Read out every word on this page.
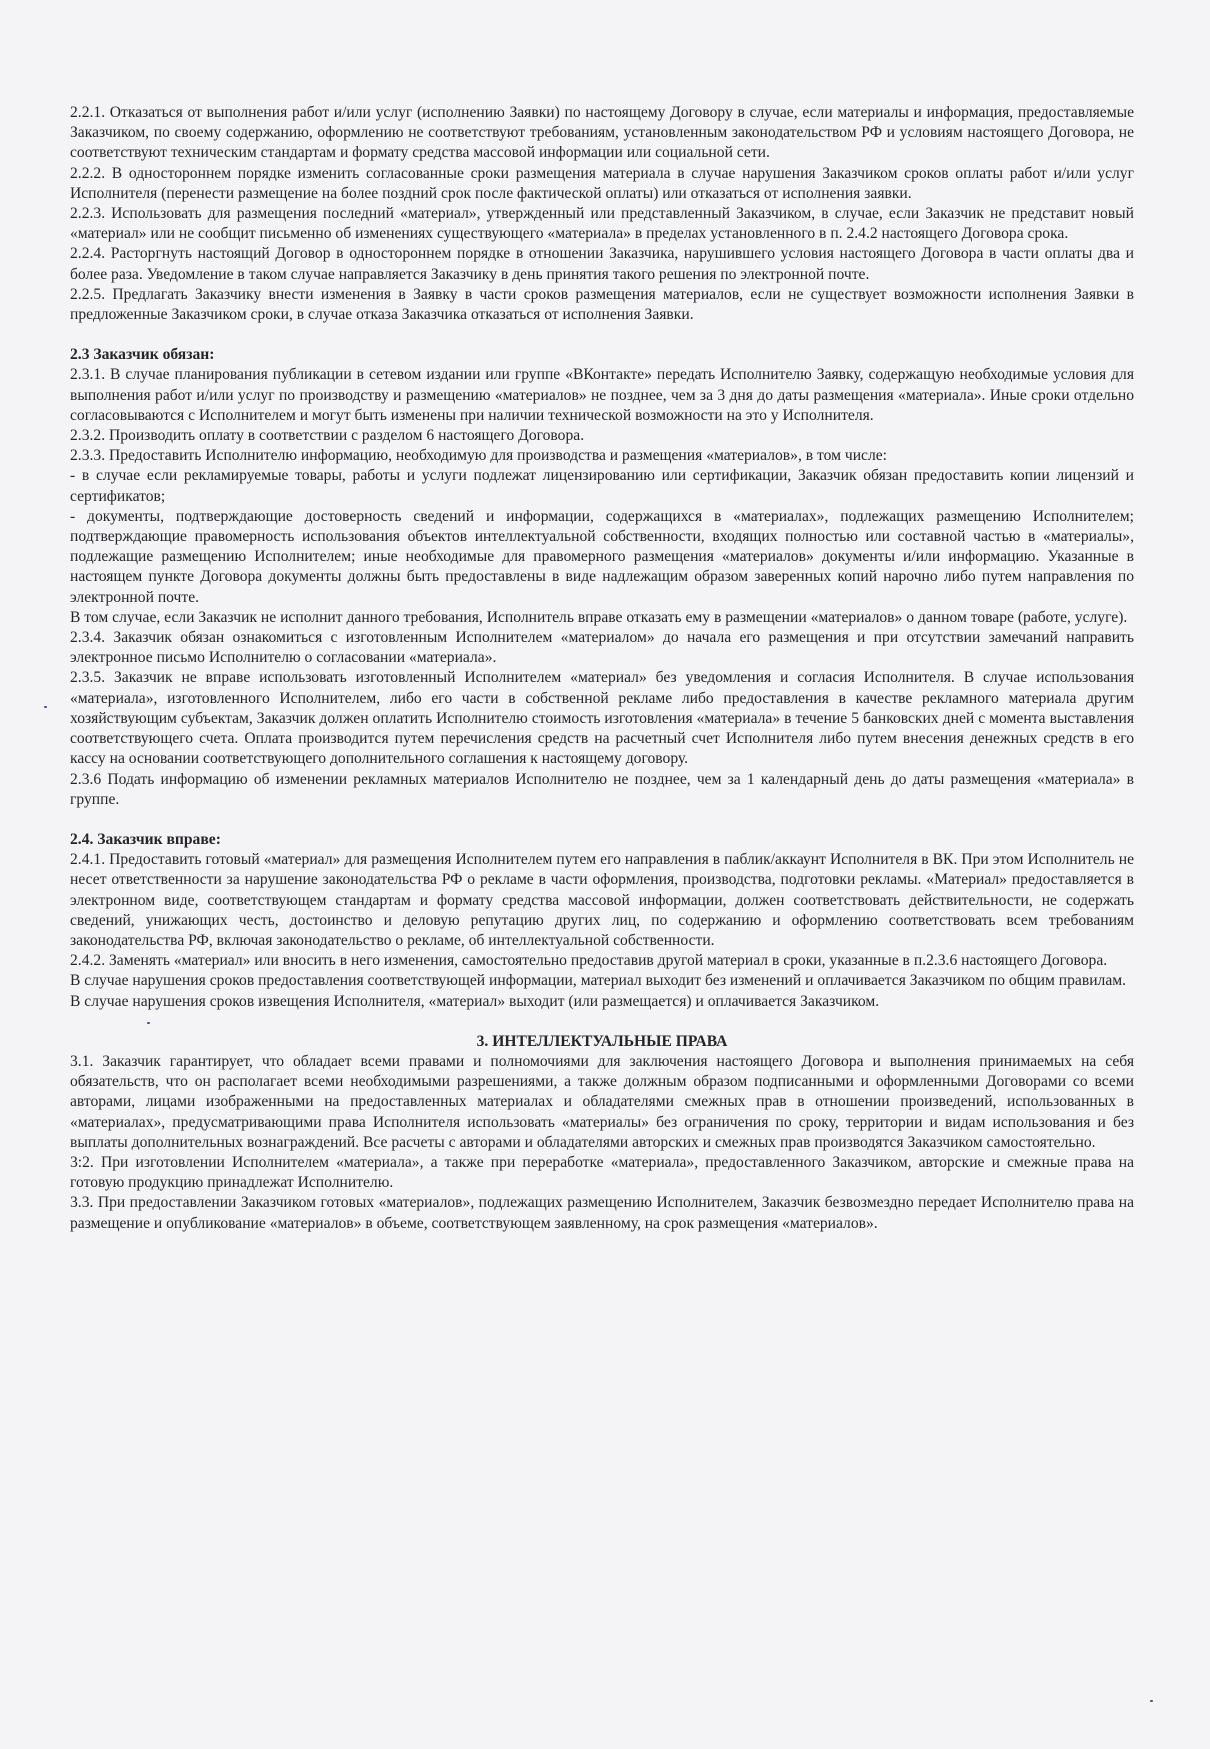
2.2.1. Отказаться от выполнения работ и/или услуг (исполнению Заявки) по настоящему Договору в случае, если материалы и информация, предоставляемые Заказчиком, по своему содержанию, оформлению не соответствуют требованиям, установленным законодательством РФ и условиям настоящего Договора, не соответствуют техническим стандартам и формату средства массовой информации или социальной сети.

2.2.2. В одностороннем порядке изменить согласованные сроки размещения материала в случае нарушения Заказчиком сроков оплаты работ и/или услуг Исполнителя (перенести размещение на более поздний срок после фактической оплаты) или отказаться от исполнения заявки.

2.2.3. Использовать для размещения последний «материал», утвержденный или представленный Заказчиком, в случае, если Заказчик не представит новый «материал» или не сообщит письменно об изменениях существующего «материала» в пределах установленного в п. 2.4.2 настоящего Договора срока.

2.2.4. Расторгнуть настоящий Договор в одностороннем порядке в отношении Заказчика, нарушившего условия настоящего Договора в части оплаты два и более раза. Уведомление в таком случае направляется Заказчику в день принятия такого решения по электронной почте.

2.2.5. Предлагать Заказчику внести изменения в Заявку в части сроков размещения материалов, если не существует возможности исполнения Заявки в предложенные Заказчиком сроки, в случае отказа Заказчика отказаться от исполнения Заявки.

2.3 Заказчик обязан:

2.3.1. В случае планирования публикации в сетевом издании или группе «ВКонтакте» передать Исполнителю Заявку, содержащую необходимые условия для выполнения работ и/или услуг по производству и размещению «материалов» не позднее, чем за 3 дня до даты размещения «материала». Иные сроки отдельно согласовываются с Исполнителем и могут быть изменены при наличии технической возможности на это у Исполнителя.

2.3.2. Производить оплату в соответствии с разделом 6 настоящего Договора.

2.3.3. Предоставить Исполнителю информацию, необходимую для производства и размещения «материалов», в том числе:

- в случае если рекламируемые товары, работы и услуги подлежат лицензированию или сертификации, Заказчик обязан предоставить копии лицензий и сертификатов;

- документы, подтверждающие достоверность сведений и информации, содержащихся в «материалах», подлежащих размещению Исполнителем; подтверждающие правомерность использования объектов интеллектуальной собственности, входящих полностью или составной частью в «материалы», подлежащие размещению Исполнителем; иные необходимые для правомерного размещения «материалов» документы и/или информацию. Указанные в настоящем пункте Договора документы должны быть предоставлены в виде надлежащим образом заверенных копий нарочно либо путем направления по электронной почте.

В том случае, если Заказчик не исполнит данного требования, Исполнитель вправе отказать ему в размещении «материалов» о данном товаре (работе, услуге).

2.3.4. Заказчик обязан ознакомиться с изготовленным Исполнителем «материалом» до начала его размещения и при отсутствии замечаний направить электронное письмо Исполнителю о согласовании «материала».

2.3.5. Заказчик не вправе использовать изготовленный Исполнителем «материал» без уведомления и согласия Исполнителя. В случае использования «материала», изготовленного Исполнителем, либо его части в собственной рекламе либо предоставления в качестве рекламного материала другим хозяйствующим субъектам, Заказчик должен оплатить Исполнителю стоимость изготовления «материала» в течение 5 банковских дней с момента выставления соответствующего счета. Оплата производится путем перечисления средств на расчетный счет Исполнителя либо путем внесения денежных средств в его кассу на основании соответствующего дополнительного соглашения к настоящему договору.

2.3.6 Подать информацию об изменении рекламных материалов Исполнителю не позднее, чем за 1 календарный день до даты размещения «материала» в группе.

2.4. Заказчик вправе:

2.4.1. Предоставить готовый «материал» для размещения Исполнителем путем его направления в паблик/аккаунт Исполнителя в ВК. При этом Исполнитель не несет ответственности за нарушение законодательства РФ о рекламе в части оформления, производства, подготовки рекламы. «Материал» предоставляется в электронном виде, соответствующем стандартам и формату средства массовой информации, должен соответствовать действительности, не содержать сведений, унижающих честь, достоинство и деловую репутацию других лиц, по содержанию и оформлению соответствовать всем требованиям законодательства РФ, включая законодательство о рекламе, об интеллектуальной собственности.

2.4.2. Заменять «материал» или вносить в него изменения, самостоятельно предоставив другой материал в сроки, указанные в п.2.3.6 настоящего Договора.

В случае нарушения сроков предоставления соответствующей информации, материал выходит без изменений и оплачивается Заказчиком по общим правилам.

В случае нарушения сроков извещения Исполнителя, «материал» выходит (или размещается) и оплачивается Заказчиком.

3. ИНТЕЛЛЕКТУАЛЬНЫЕ ПРАВА

3.1. Заказчик гарантирует, что обладает всеми правами и полномочиями для заключения настоящего Договора и выполнения принимаемых на себя обязательств, что он располагает всеми необходимыми разрешениями, а также должным образом подписанными и оформленными Договорами со всеми авторами, лицами изображенными на предоставленных материалах и обладателями смежных прав в отношении произведений, использованных в «материалах», предусматривающими права Исполнителя использовать «материалы» без ограничения по сроку, территории и видам использования и без выплаты дополнительных вознаграждений. Все расчеты с авторами и обладателями авторских и смежных прав производятся Заказчиком самостоятельно.

3:2. При изготовлении Исполнителем «материала», а также при переработке «материала», предоставленного Заказчиком, авторские и смежные права на готовую продукцию принадлежат Исполнителю.

3.3. При предоставлении Заказчиком готовых «материалов», подлежащих размещению Исполнителем, Заказчик безвозмездно передает Исполнителю права на размещение и опубликование «материалов» в объеме, соответствующем заявленному, на срок размещения «материалов».
